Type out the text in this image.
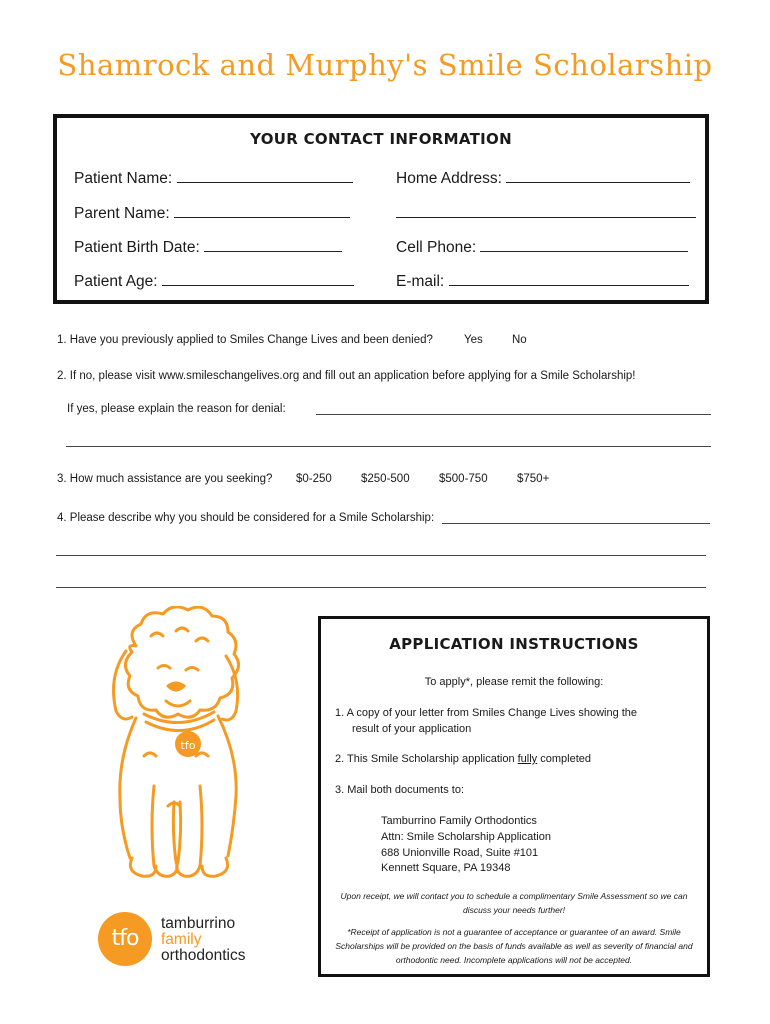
Shamrock and Murphy's Smile Scholarship
YOUR CONTACT INFORMATION
Patient Name:	Home Address:
Parent Name:
Patient Birth Date:	Cell Phone:
Patient Age:	E-mail:
1. Have you previously applied to Smiles Change Lives and been denied?	Yes	No
2. If no, please visit www.smileschangelives.org and fill out an application before applying for a Smile Scholarship!
If yes, please explain the reason for denial:
3. How much assistance are you seeking? $0-250	$250-500	$500-750	$750+
4. Please describe why you should be considered for a Smile Scholarship:
tfo
tfo
tamburrino
family
orthodontics
APPLICATION INSTRUCTIONS
To apply*, please remit the following:
1. A copy of your letter from Smiles Change Lives showing the
result of your application
2. This Smile Scholarship application fully completed
3. Mail both documents to:
Tamburrino Family Orthodontics
Attn: Smile Scholarship Application
688 Unionville Road, Suite #101
Kennett Square, PA 19348
Upon receipt, we will contact you to schedule a complimentary Smile Assessment so we can
discuss your needs further!
*Receipt of application is not a guarantee of acceptance or guarantee of an award. Smile
Scholarships will be provided on the basis of funds available as well as severity of financial and
orthodontic need. Incomplete applications will not be accepted.
